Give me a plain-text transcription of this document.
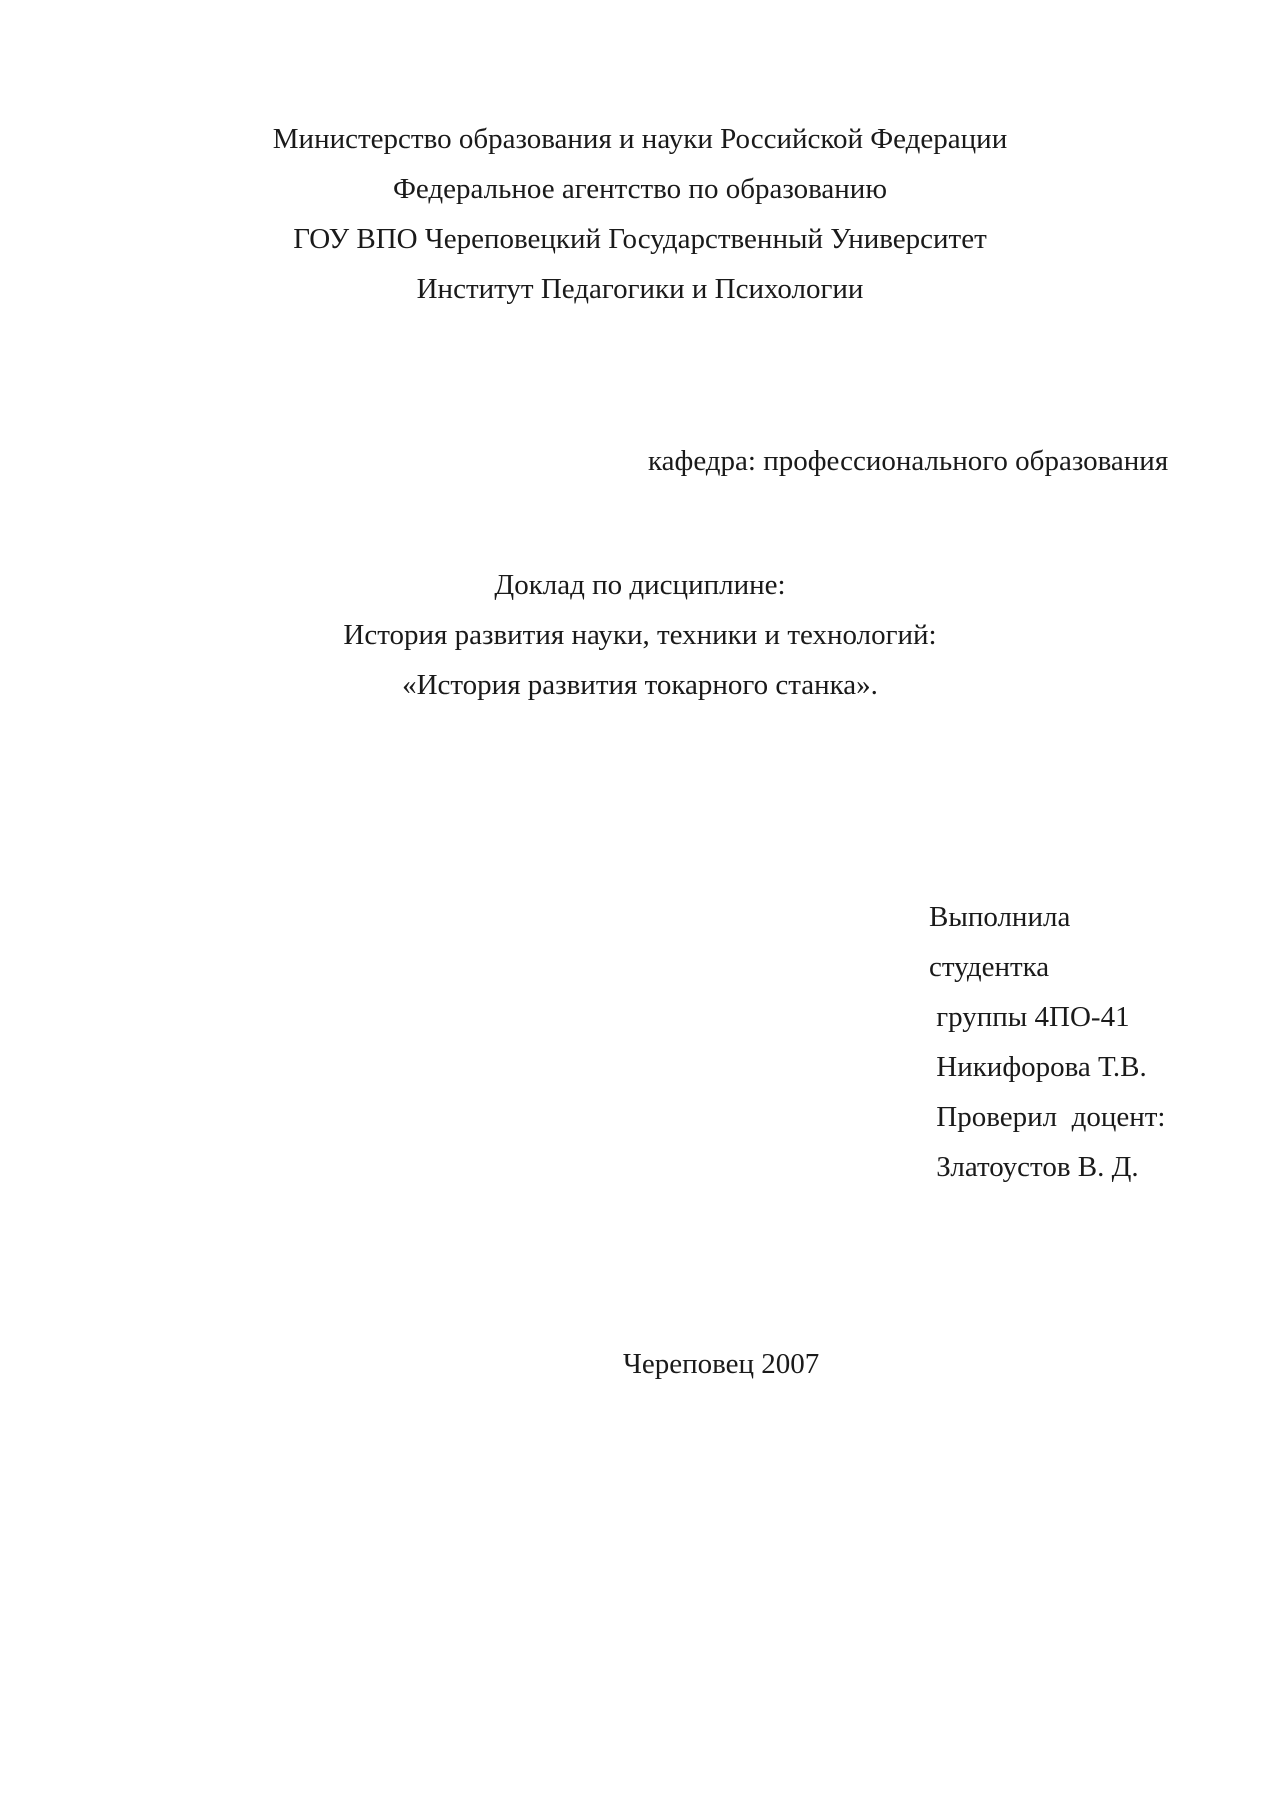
Министерство образования и науки Российской Федерации
Федеральное агентство по образованию
ГОУ ВПО Череповецкий Государственный Университет
Институт Педагогики и Психологии
кафедра: профессионального образования
Доклад по дисциплине:
История развития науки, техники и технологий:
«История развития токарного станка».
Выполнила
студентка
группы 4ПО-41
Никифорова Т.В.
Проверил  доцент:
Златоустов В. Д.
Череповец 2007
